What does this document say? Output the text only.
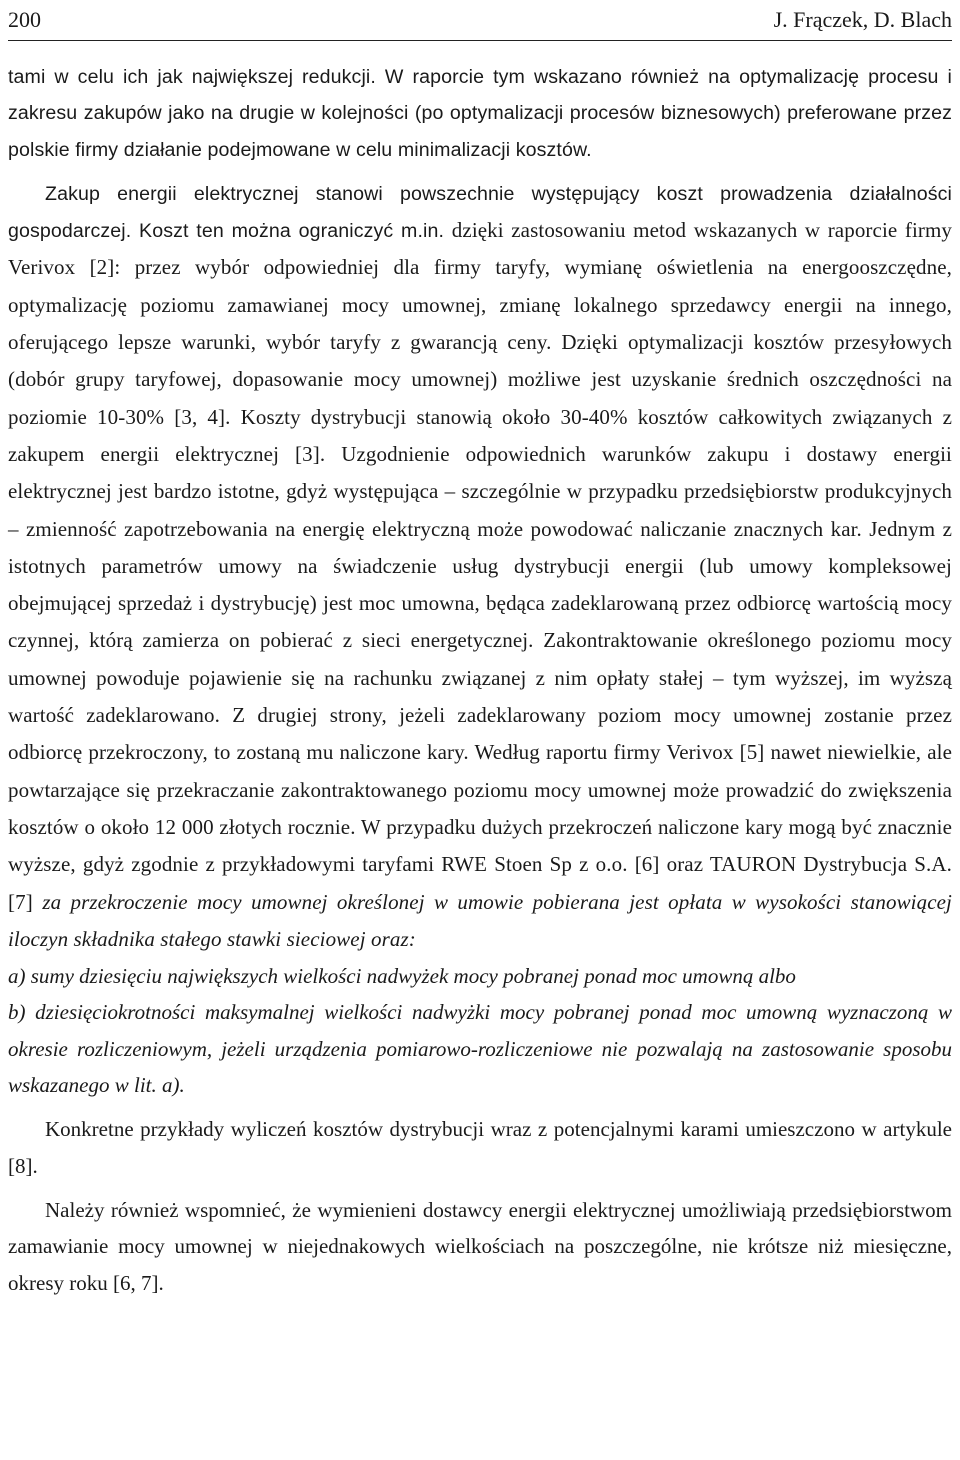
200	J. Frączek, D. Blach

tami w celu ich jak największej redukcji. W raporcie tym wskazano również na optymalizację procesu i zakresu zakupów jako na drugie w kolejności (po optymalizacji procesów biznesowych) preferowane przez polskie firmy działanie podejmowane w celu minimalizacji kosztów.

Zakup energii elektrycznej stanowi powszechnie występujący koszt prowadzenia działalności gospodarczej. Koszt ten można ograniczyć m.in. dzięki zastosowaniu metod wskazanych w raporcie firmy Verivox [2]: przez wybór odpowiedniej dla firmy taryfy, wymianę oświetlenia na energooszczędne, optymalizację poziomu zamawianej mocy umownej, zmianę lokalnego sprzedawcy energii na innego, oferującego lepsze warunki, wybór taryfy z gwarancją ceny. Dzięki optymalizacji kosztów przesyłowych (dobór grupy taryfowej, dopasowanie mocy umownej) możliwe jest uzyskanie średnich oszczędności na poziomie 10-30% [3, 4]. Koszty dystrybucji stanowią około 30-40% kosztów całkowitych związanych z zakupem energii elektrycznej [3]. Uzgodnienie odpowiednich warunków zakupu i dostawy energii elektrycznej jest bardzo istotne, gdyż występująca – szczególnie w przypadku przedsiębiorstw produkcyjnych – zmienność zapotrzebowania na energię elektryczną może powodować naliczanie znacznych kar. Jednym z istotnych parametrów umowy na świadczenie usług dystrybucji energii (lub umowy kompleksowej obejmującej sprzedaż i dystrybucję) jest moc umowna, będąca zadeklarowaną przez odbiorcę wartością mocy czynnej, którą zamierza on pobierać z sieci energetycznej. Zakontraktowanie określonego poziomu mocy umownej powoduje pojawienie się na rachunku związanej z nim opłaty stałej – tym wyższej, im wyższą wartość zadeklarowano. Z drugiej strony, jeżeli zadeklarowany poziom mocy umownej zostanie przez odbiorcę przekroczony, to zostaną mu naliczone kary. Według raportu firmy Verivox [5] nawet niewielkie, ale powtarzające się przekraczanie zakontraktowanego poziomu mocy umownej może prowadzić do zwiększenia kosztów o około 12 000 złotych rocznie. W przypadku dużych przekroczeń naliczone kary mogą być znacznie wyższe, gdyż zgodnie z przykładowymi taryfami RWE Stoen Sp z o.o. [6] oraz TAURON Dystrybucja S.A. [7] za przekroczenie mocy umownej określonej w umowie pobierana jest opłata w wysokości stanowiącej iloczyn składnika stałego stawki sieciowej oraz:

a) sumy dziesięciu największych wielkości nadwyżek mocy pobranej ponad moc umowną albo

b) dziesięciokrotności maksymalnej wielkości nadwyżki mocy pobranej ponad moc umowną wyznaczoną w okresie rozliczeniowym, jeżeli urządzenia pomiarowo-rozliczeniowe nie pozwalają na zastosowanie sposobu wskazanego w lit. a).

Konkretne przykłady wyliczeń kosztów dystrybucji wraz z potencjalnymi karami umieszczono w artykule [8].

Należy również wspomnieć, że wymienieni dostawcy energii elektrycznej umożliwiają przedsiębiorstwom zamawianie mocy umownej w niejednakowych wielkościach na poszczególne, nie krótsze niż miesięczne, okresy roku [6, 7].
